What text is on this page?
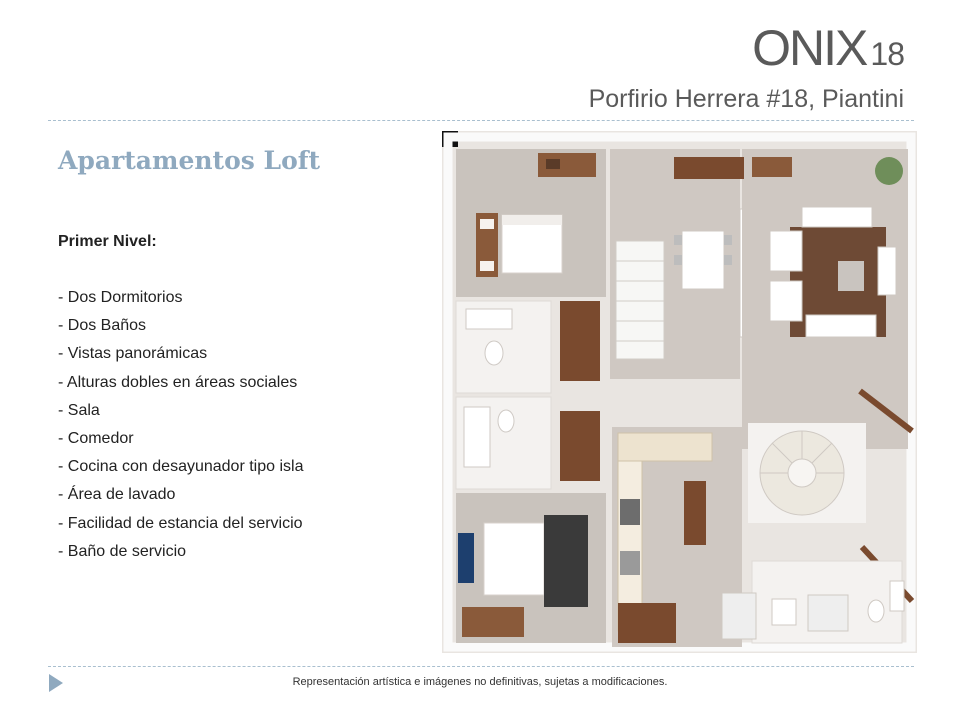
ONIX 18
Porfirio Herrera #18, Piantini
Apartamentos Loft
Primer Nivel:
- Dos Dormitorios
- Dos Baños
- Vistas panorámicas
- Alturas dobles en áreas sociales
- Sala
- Comedor
- Cocina con desayunador tipo isla
- Área de lavado
- Facilidad de estancia del servicio
- Baño de servicio
Representación artística e imágenes no definitivas, sujetas a modificaciones.
